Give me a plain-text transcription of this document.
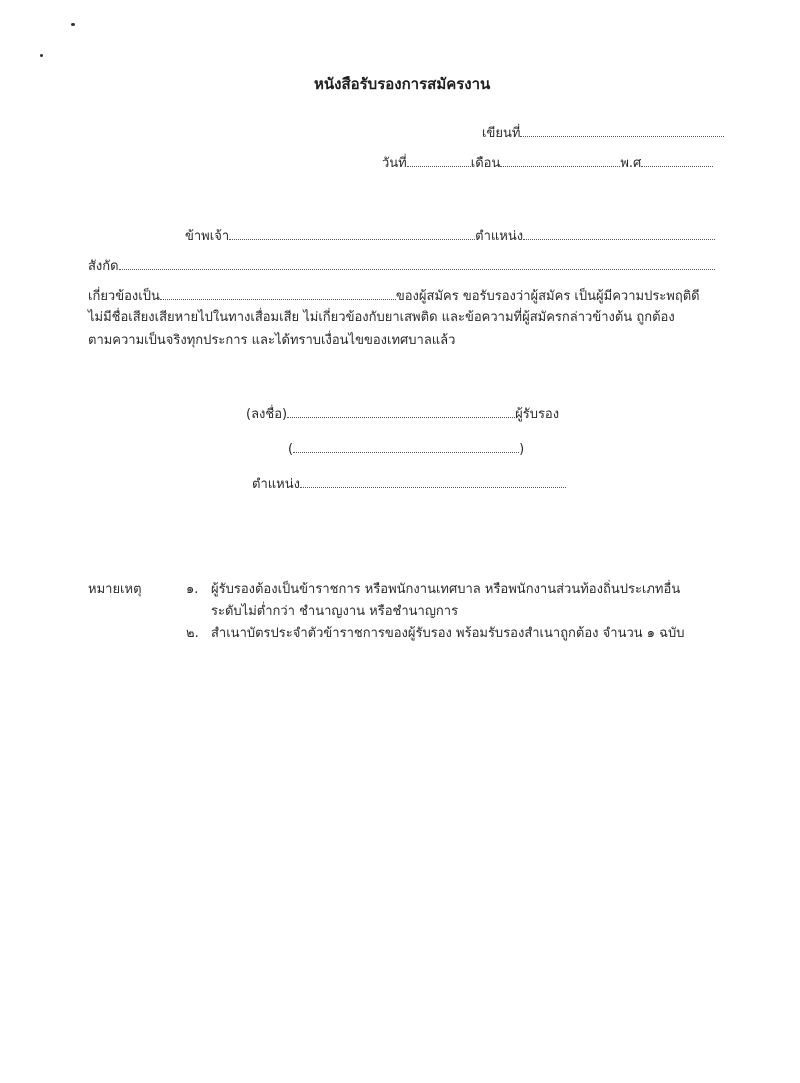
หนังสือรับรองการสมัครงาน
เขียนที่
วันที่	เดือน	พ.ศ
ข้าพเจ้า	ตำแหน่ง
สังกัด
เกี่ยวข้องเป็น	ของผู้สมัคร ขอรับรองว่าผู้สมัคร เป็นผู้มีความประพฤติดี
ไม่มีชื่อเสียงเสียหายไปในทางเสื่อมเสีย ไม่เกี่ยวข้องกับยาเสพติด และข้อความที่ผู้สมัครกล่าวข้างต้น ถูกต้อง
ตามความเป็นจริงทุกประการ และได้ทราบเงื่อนไขของเทศบาลแล้ว
(ลงชื่อ)	ผู้รับรอง
(	)
ตำแหน่ง
หมายเหตุ	๑. ผู้รับรองต้องเป็นข้าราชการ หรือพนักงานเทศบาล หรือพนักงานส่วนท้องถิ่นประเภทอื่น
ระดับไม่ต่ำกว่า ชำนาญงาน หรือชำนาญการ
๒. สำเนาบัตรประจำตัวข้าราชการของผู้รับรอง พร้อมรับรองสำเนาถูกต้อง จำนวน ๑ ฉบับ
